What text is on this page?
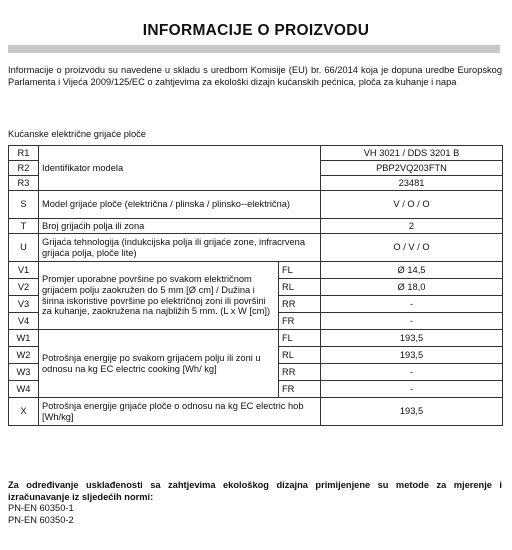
INFORMACIJE O PROIZVODU
Informacije o proizvodu su navedene u skladu s uredbom Komisije (EU) br. 66/2014 koja je dopuna uredbe Europskog Parlamenta i Vijeća 2009/125/EC o zahtjevima za ekološki dizajn kućanskih pećnica, ploča za kuhanje i napa
Kućanske električne grijaće ploče
R1	Identifikator modela		VH 3021 / DDS 3201 B
R2			PBP2VQ203FTN
R3			23481
S	Model grijaće ploče (električna / plinska / plinsko--električna)		V / O / O
T	Broj grijaćih polja ili zona		2
U	Grijaća tehnologija (indukcijska polja ili grijaće zone, infracrvena grijaća polja, ploče lite)		O / V / O
V1	Promjer uporabne površine po svakom električnom grijaćem polju zaokružen do 5 mm [Ø cm] / Dužina i širina iskoristive površine po električnoj zoni ili površini za kuhanje, zaokružena na najbližih 5 mm. (L x W [cm])	FL	Ø 14,5
V2		RL	Ø 18,0
V3		RR	-
V4		FR	-
W1	Potrošnja energije po svakom grijaćem polju ili zoni u odnosu na kg EC electric cooking [Wh/ kg]	FL	193,5
W2		RL	193,5
W3		RR	-
W4		FR	-
X	Potrošnja energije grijaće ploče o odnosu na kg EC electric hob [Wh/kg]		193,5
Za određivanje usklađenosti sa zahtjevima ekološkog dizajna primijenjene su metode za mjerenje i izračunavanje iz sljedećih normi:
PN-EN 60350-1
PN-EN 60350-2
